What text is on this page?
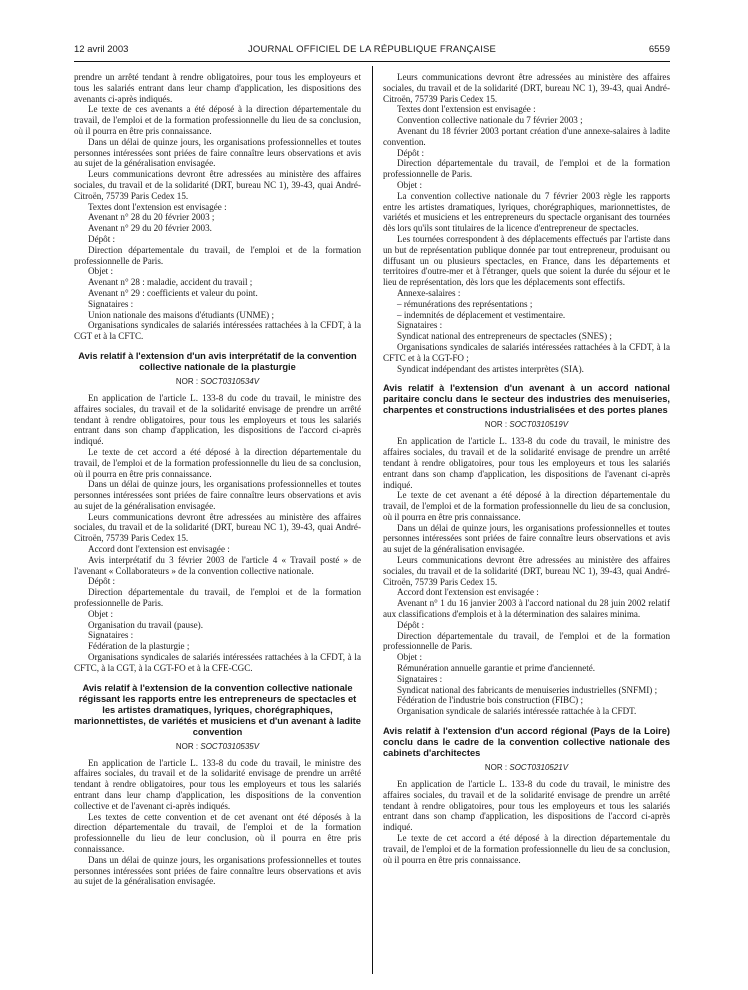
12 avril 2003	JOURNAL OFFICIEL DE LA RÉPUBLIQUE FRANÇAISE	6559

prendre un arrêté tendant à rendre obligatoires, pour tous les employeurs et tous les salariés entrant dans leur champ d'application, les dispositions des avenants ci-après indiqués.

Le texte de ces avenants a été déposé à la direction départementale du travail, de l'emploi et de la formation professionnelle du lieu de sa conclusion, où il pourra en être pris connaissance.

Dans un délai de quinze jours, les organisations professionnelles et toutes personnes intéressées sont priées de faire connaître leurs observations et avis au sujet de la généralisation envisagée.

Leurs communications devront être adressées au ministère des affaires sociales, du travail et de la solidarité (DRT, bureau NC 1), 39-43, quai André-Citroën, 75739 Paris Cedex 15.

Textes dont l'extension est envisagée :

Avenant n° 28 du 20 février 2003 ;

Avenant n° 29 du 20 février 2003.

Dépôt :

Direction départementale du travail, de l'emploi et de la formation professionnelle de Paris.

Objet :

Avenant n° 28 : maladie, accident du travail ;

Avenant n° 29 : coefficients et valeur du point.

Signataires :

Union nationale des maisons d'étudiants (UNME) ;

Organisations syndicales de salariés intéressées rattachées à la CFDT, à la CGT et à la CFTC.

Avis relatif à l'extension d'un avis interprétatif de la convention collective nationale de la plasturgie
NOR : SOCT0310534V

En application de l'article L. 133-8 du code du travail, le ministre des affaires sociales, du travail et de la solidarité envisage de prendre un arrêté tendant à rendre obligatoires, pour tous les employeurs et tous les salariés entrant dans son champ d'application, les dispositions de l'accord ci-après indiqué.

Le texte de cet accord a été déposé à la direction départementale du travail, de l'emploi et de la formation professionnelle du lieu de sa conclusion, où il pourra en être pris connaissance.

Dans un délai de quinze jours, les organisations professionnelles et toutes personnes intéressées sont priées de faire connaître leurs observations et avis au sujet de la généralisation envisagée.

Leurs communications devront être adressées au ministère des affaires sociales, du travail et de la solidarité (DRT, bureau NC 1), 39-43, quai André-Citroën, 75739 Paris Cedex 15.

Accord dont l'extension est envisagée :

Avis interprétatif du 3 février 2003 de l'article 4 « Travail posté » de l'avenant « Collaborateurs » de la convention collective nationale.

Dépôt :

Direction départementale du travail, de l'emploi et de la formation professionnelle de Paris.

Objet :

Organisation du travail (pause).

Signataires :

Fédération de la plasturgie ;

Organisations syndicales de salariés intéressées rattachées à la CFDT, à la CFTC, à la CGT, à la CGT-FO et à la CFE-CGC.

Avis relatif à l'extension de la convention collective nationale régissant les rapports entre les entrepreneurs de spectacles et les artistes dramatiques, lyriques, chorégraphiques, marionnettistes, de variétés et musiciens et d'un avenant à ladite convention
NOR : SOCT0310535V

En application de l'article L. 133-8 du code du travail, le ministre des affaires sociales, du travail et de la solidarité envisage de prendre un arrêté tendant à rendre obligatoires, pour tous les employeurs et tous les salariés entrant dans leur champ d'application, les dispositions de la convention collective et de l'avenant ci-après indiqués.

Les textes de cette convention et de cet avenant ont été déposés à la direction départementale du travail, de l'emploi et de la formation professionnelle du lieu de leur conclusion, où il pourra en être pris connaissance.

Dans un délai de quinze jours, les organisations professionnelles et toutes personnes intéressées sont priées de faire connaître leurs observations et avis au sujet de la généralisation envisagée.

Leurs communications devront être adressées au ministère des affaires sociales, du travail et de la solidarité (DRT, bureau NC 1), 39-43, quai André-Citroën, 75739 Paris Cedex 15.

Textes dont l'extension est envisagée :

Convention collective nationale du 7 février 2003 ;

Avenant du 18 février 2003 portant création d'une annexe-salaires à ladite convention.

Dépôt :

Direction départementale du travail, de l'emploi et de la formation professionnelle de Paris.

Objet :

La convention collective nationale du 7 février 2003 règle les rapports entre les artistes dramatiques, lyriques, chorégraphiques, marionnettistes, de variétés et musiciens et les entrepreneurs du spectacle organisant des tournées dès lors qu'ils sont titulaires de la licence d'entrepreneur de spectacles.

Les tournées correspondent à des déplacements effectués par l'artiste dans un but de représentation publique donnée par tout entrepreneur, produisant ou diffusant un ou plusieurs spectacles, en France, dans les départements et territoires d'outre-mer et à l'étranger, quels que soient la durée du séjour et le lieu de représentation, dès lors que les déplacements sont effectifs.

Annexe-salaires :

– rémunérations des représentations ;

– indemnités de déplacement et vestimentaire.

Signataires :

Syndicat national des entrepreneurs de spectacles (SNES) ;

Organisations syndicales de salariés intéressées rattachées à la CFDT, à la CFTC et à la CGT-FO ;

Syndicat indépendant des artistes interprètes (SIA).

Avis relatif à l'extension d'un avenant à un accord national paritaire conclu dans le secteur des industries des menuiseries, charpentes et constructions industrialisées et des portes planes
NOR : SOCT0310519V

En application de l'article L. 133-8 du code du travail, le ministre des affaires sociales, du travail et de la solidarité envisage de prendre un arrêté tendant à rendre obligatoires, pour tous les employeurs et tous les salariés entrant dans son champ d'application, les dispositions de l'avenant ci-après indiqué.

Le texte de cet avenant a été déposé à la direction départementale du travail, de l'emploi et de la formation professionnelle du lieu de sa conclusion, où il pourra en être pris connaissance.

Dans un délai de quinze jours, les organisations professionnelles et toutes personnes intéressées sont priées de faire connaître leurs observations et avis au sujet de la généralisation envisagée.

Leurs communications devront être adressées au ministère des affaires sociales, du travail et de la solidarité (DRT, bureau NC 1), 39-43, quai André-Citroën, 75739 Paris Cedex 15.

Accord dont l'extension est envisagée :

Avenant n° 1 du 16 janvier 2003 à l'accord national du 28 juin 2002 relatif aux classifications d'emplois et à la détermination des salaires minima.

Dépôt :

Direction départementale du travail, de l'emploi et de la formation professionnelle de Paris.

Objet :

Rémunération annuelle garantie et prime d'ancienneté.

Signataires :

Syndicat national des fabricants de menuiseries industrielles (SNFMI) ;

Fédération de l'industrie bois construction (FIBC) ;

Organisation syndicale de salariés intéressée rattachée à la CFDT.

Avis relatif à l'extension d'un accord régional (Pays de la Loire) conclu dans le cadre de la convention collective nationale des cabinets d'architectes
NOR : SOCT0310521V

En application de l'article L. 133-8 du code du travail, le ministre des affaires sociales, du travail et de la solidarité envisage de prendre un arrêté tendant à rendre obligatoires, pour tous les employeurs et tous les salariés entrant dans son champ d'application, les dispositions de l'accord ci-après indiqué.

Le texte de cet accord a été déposé à la direction départementale du travail, de l'emploi et de la formation professionnelle du lieu de sa conclusion, où il pourra en être pris connaissance.
